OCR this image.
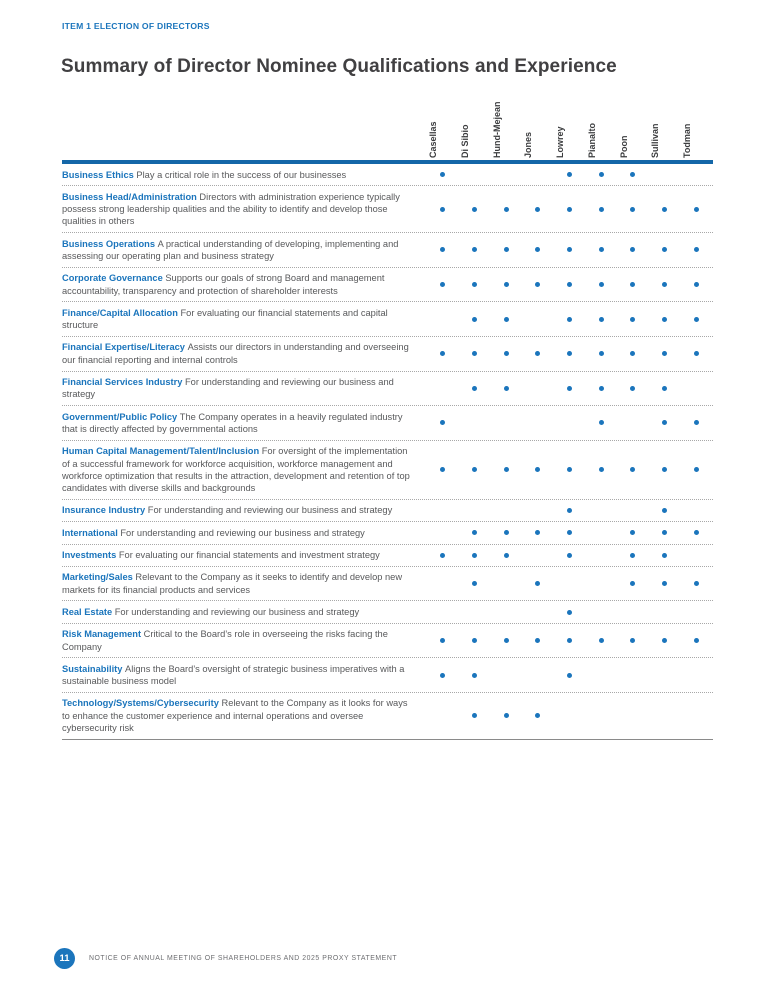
ITEM 1 ELECTION OF DIRECTORS
Summary of Director Nominee Qualifications and Experience
Casellas Di Sibio Hund-Mejean Jones Lowrey Pianalto Poon Sullivan Todman

Business Ethics Play a critical role in the success of our businesses

Business Head/Administration Directors with administration experience typically possess strong leadership qualities and the ability to identify and develop those qualities in others

Business Operations A practical understanding of developing, implementing and assessing our operating plan and business strategy

Corporate Governance Supports our goals of strong Board and management accountability, transparency and protection of shareholder interests

Finance/Capital Allocation For evaluating our financial statements and capital structure

Financial Expertise/Literacy Assists our directors in understanding and overseeing our financial reporting and internal controls

Financial Services Industry For understanding and reviewing our business and strategy

Government/Public Policy The Company operates in a heavily regulated industry that is directly affected by governmental actions

Human Capital Management/Talent/Inclusion For oversight of the implementation of a successful framework for workforce acquisition, workforce management and workforce optimization that results in the attraction, development and retention of top candidates with diverse skills and backgrounds

Insurance Industry For understanding and reviewing our business and strategy

International For understanding and reviewing our business and strategy

Investments For evaluating our financial statements and investment strategy

Marketing/Sales Relevant to the Company as it seeks to identify and develop new markets for its financial products and services

Real Estate For understanding and reviewing our business and strategy

Risk Management Critical to the Board’s role in overseeing the risks facing the Company

Sustainability Aligns the Board’s oversight of strategic business imperatives with a sustainable business model

Technology/Systems/Cybersecurity Relevant to the Company as it looks for ways to enhance the customer experience and internal operations and oversee cybersecurity risk

11	NOTICE OF ANNUAL MEETING OF SHAREHOLDERS AND 2025 PROXY STATEMENT
